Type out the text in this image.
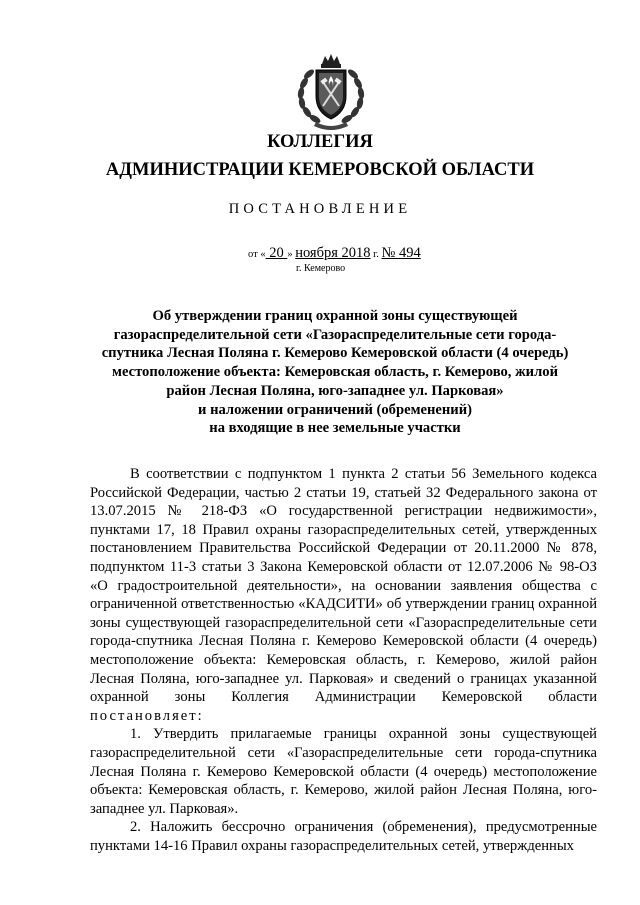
КОЛЛЕГИЯ
АДМИНИСТРАЦИИ КЕМЕРОВСКОЙ ОБЛАСТИ
ПОСТАНОВЛЕНИЕ
от « 20 » ноября 2018 г. № 494
г. Кемерово
Об утверждении границ охранной зоны существующей
газораспределительной сети «Газораспределительные сети города-
спутника Лесная Поляна г. Кемерово Кемеровской области (4 очередь)
местоположение объекта: Кемеровская область, г. Кемерово, жилой
район Лесная Поляна, юго-западнее ул. Парковая»
и наложении ограничений (обременений)
на входящие в нее земельные участки

В соответствии с подпунктом 1 пункта 2 статьи 56 Земельного кодекса Российской Федерации, частью 2 статьи 19, статьей 32 Федерального закона от 13.07.2015 № 218-ФЗ «О государственной регистрации недвижимости», пунктами 17, 18 Правил охраны газораспределительных сетей, утвержденных постановлением Правительства Российской Федерации от 20.11.2000 № 878, подпунктом 11-3 статьи 3 Закона Кемеровской области от 12.07.2006 № 98-ОЗ «О градостроительной деятельности», на основании заявления общества с ограниченной ответственностью «КАДСИТИ» об утверждении границ охранной зоны существующей газораспределительной сети «Газораспределительные сети города-спутника Лесная Поляна г. Кемерово Кемеровской области (4 очередь) местоположение объекта: Кемеровская область, г. Кемерово, жилой район Лесная Поляна, юго-западнее ул. Парковая» и сведений о границах указанной охранной зоны Коллегия Администрации Кемеровской области постановляет:

1. Утвердить прилагаемые границы охранной зоны существующей газораспределительной сети «Газораспределительные сети города-спутника Лесная Поляна г. Кемерово Кемеровской области (4 очередь) местоположение объекта: Кемеровская область, г. Кемерово, жилой район Лесная Поляна, юго-западнее ул. Парковая».

2. Наложить бессрочно ограничения (обременения), предусмотренные пунктами 14-16 Правил охраны газораспределительных сетей, утвержденных
